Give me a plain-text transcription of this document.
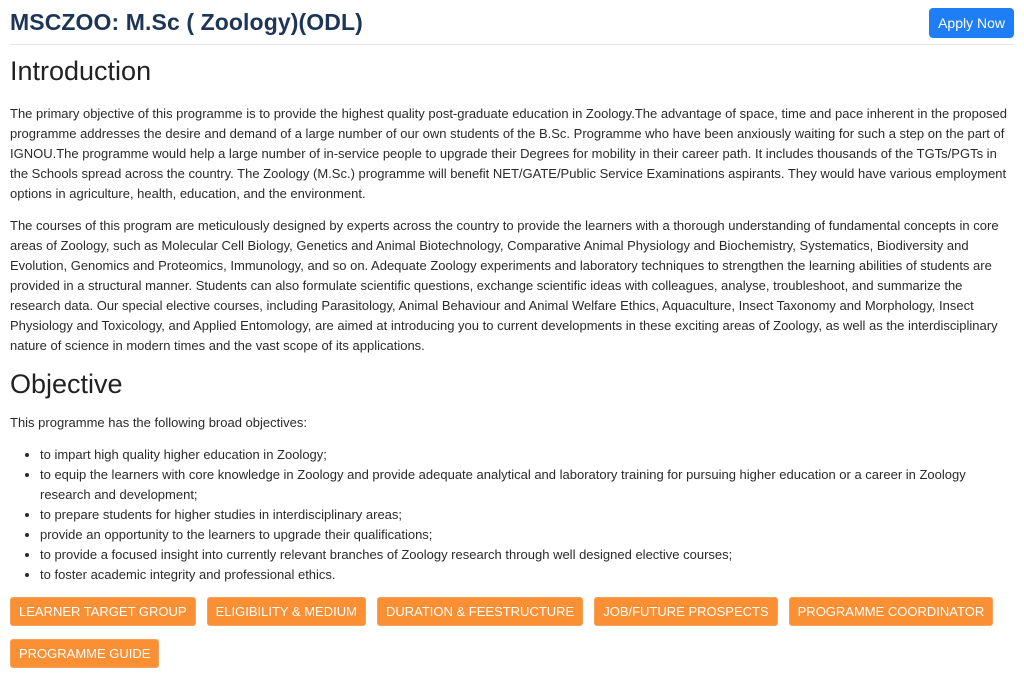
MSCZOO: M.Sc ( Zoology)(ODL)	Apply Now
Introduction

The primary objective of this programme is to provide the highest quality post-graduate education in Zoology.The advantage of space, time and pace inherent in the proposed programme addresses the desire and demand of a large number of our own students of the B.Sc. Programme who have been anxiously waiting for such a step on the part of IGNOU.The programme would help a large number of in-service people to upgrade their Degrees for mobility in their career path. It includes thousands of the TGTs/PGTs in the Schools spread across the country. The Zoology (M.Sc.) programme will benefit NET/GATE/Public Service Examinations aspirants. They would have various employment options in agriculture, health, education, and the environment.

The courses of this program are meticulously designed by experts across the country to provide the learners with a thorough understanding of fundamental concepts in core areas of Zoology, such as Molecular Cell Biology, Genetics and Animal Biotechnology, Comparative Animal Physiology and Biochemistry, Systematics, Biodiversity and Evolution, Genomics and Proteomics, Immunology, and so on. Adequate Zoology experiments and laboratory techniques to strengthen the learning abilities of students are provided in a structural manner. Students can also formulate scientific questions, exchange scientific ideas with colleagues, analyse, troubleshoot, and summarize the research data. Our special elective courses, including Parasitology, Animal Behaviour and Animal Welfare Ethics, Aquaculture, Insect Taxonomy and Morphology, Insect Physiology and Toxicology, and Applied Entomology, are aimed at introducing you to current developments in these exciting areas of Zoology, as well as the interdisciplinary nature of science in modern times and the vast scope of its applications.

Objective

This programme has the following broad objectives:

• to impart high quality higher education in Zoology;
• to equip the learners with core knowledge in Zoology and provide adequate analytical and laboratory training for pursuing higher education or a career in Zoology research and development;
• to prepare students for higher studies in interdisciplinary areas;
• provide an opportunity to the learners to upgrade their qualifications;
• to provide a focused insight into currently relevant branches of Zoology research through well designed elective courses;
• to foster academic integrity and professional ethics.
LEARNER TARGET GROUP	ELIGIBILITY & MEDIUM	DURATION & FEESTRUCTURE	JOB/FUTURE PROSPECTS	PROGRAMME COORDINATOR
PROGRAMME GUIDE
